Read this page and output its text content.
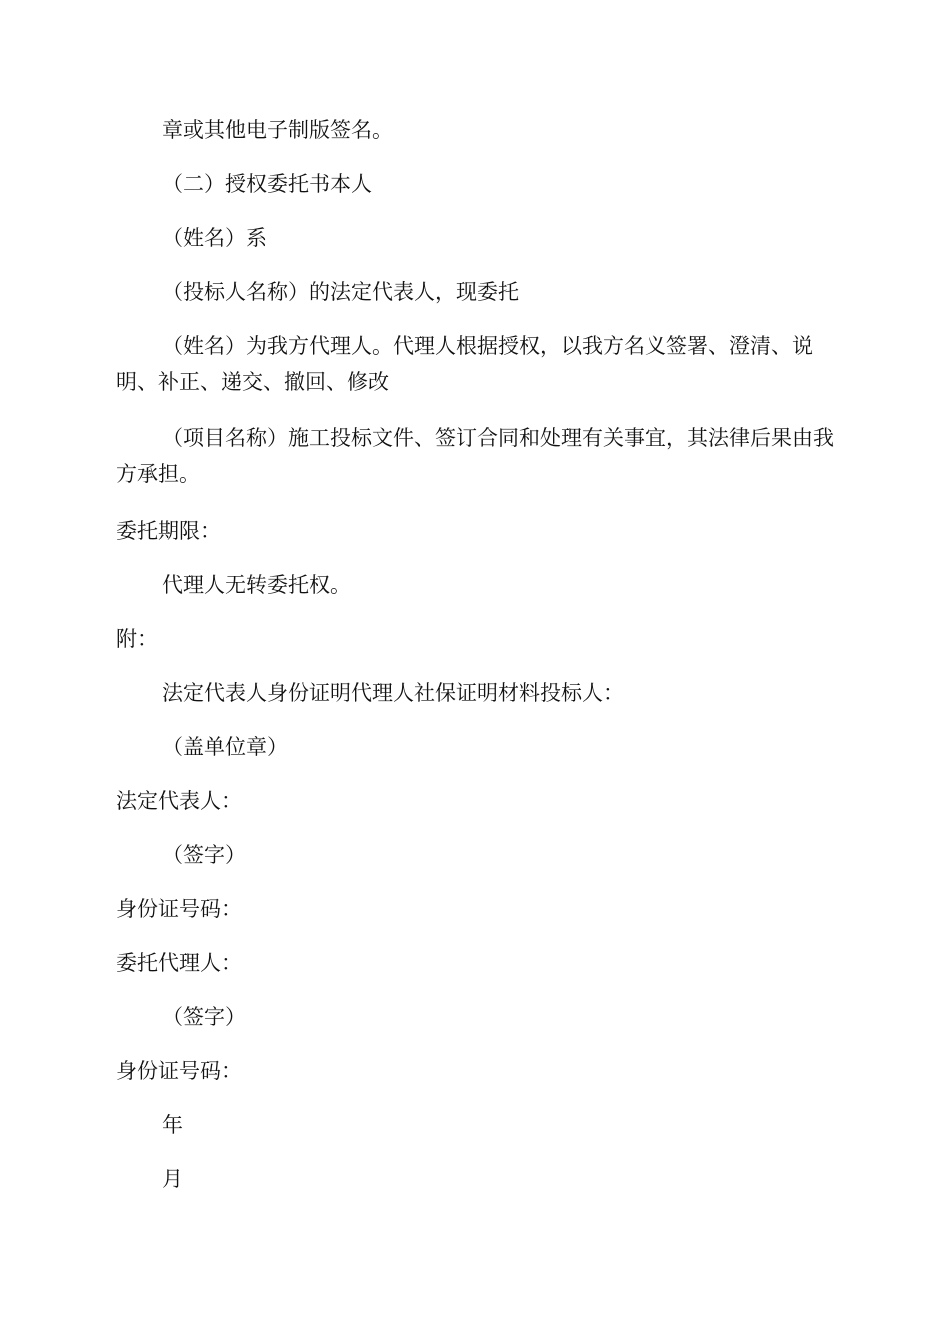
章或其他电子制版签名。

（二）授权委托书本人

（姓名）系

（投标人名称）的法定代表人，现委托

（姓名）为我方代理人。代理人根据授权，以我方名义签署、澄清、说明、补正、递交、撤回、修改

（项目名称）施工投标文件、签订合同和处理有关事宜，其法律后果由我方承担。

委托期限：

代理人无转委托权。

附：

法定代表人身份证明代理人社保证明材料投标人：

（盖单位章）

法定代表人：

（签字）

身份证号码：

委托代理人：

（签字）

身份证号码：

年

月
